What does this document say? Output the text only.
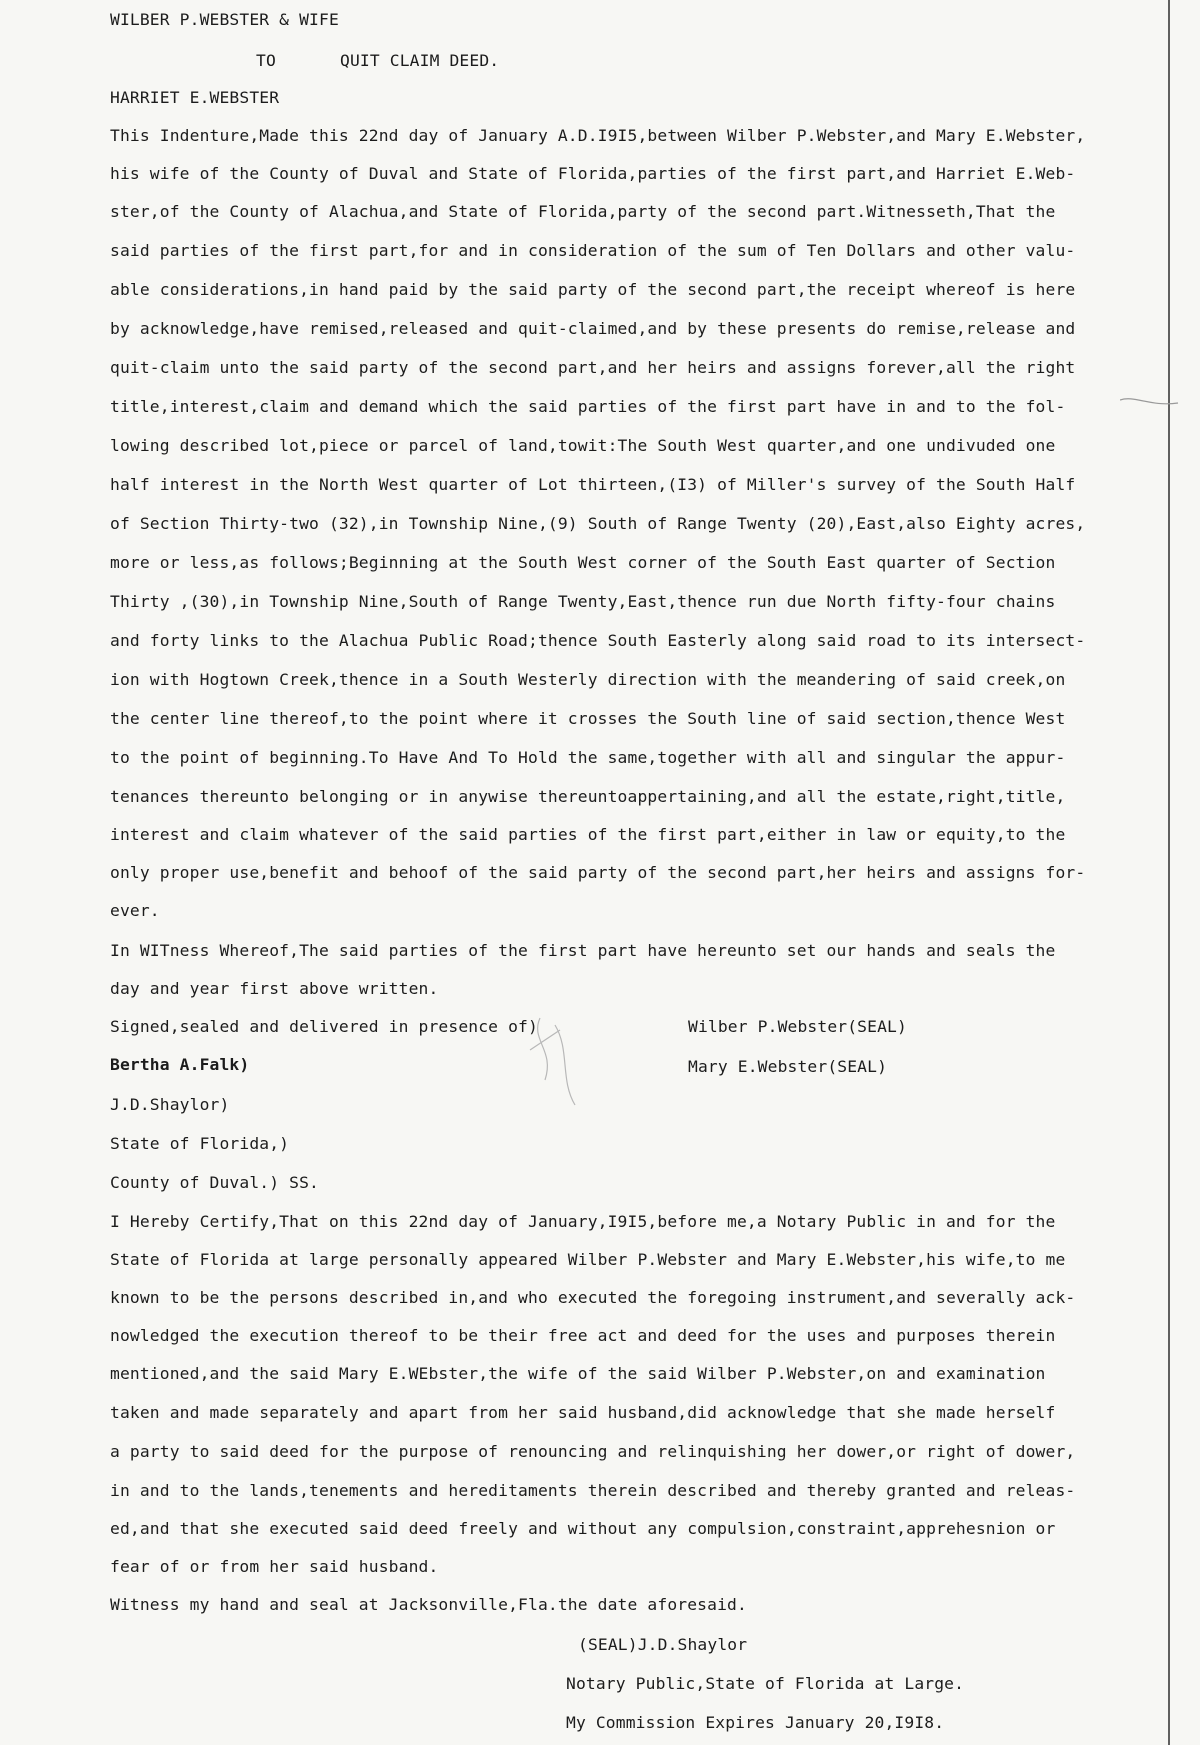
WILBER P.WEBSTER & WIFE
TO	QUIT CLAIM DEED.
HARRIET E.WEBSTER
This Indenture,Made this 22nd day of January A.D.I9I5,between Wilber P.Webster,and Mary E.Webster,
his wife of the County of Duval and State of Florida,parties of the first part,and Harriet E.Web-
ster,of the County of Alachua,and State of Florida,party of the second part.Witnesseth,That the
said parties of the first part,for and in consideration of the sum of Ten Dollars and other valu-
able considerations,in hand paid by the said party of the second part,the receipt whereof is here
by acknowledge,have remised,released and quit-claimed,and by these presents do remise,release and
quit-claim unto the said party of the second part,and her heirs and assigns forever,all the right
title,interest,claim and demand which the said parties of the first part have in and to the fol-
lowing described lot,piece or parcel of land,towit:The South West quarter,and one undivuded one
half interest in the North West quarter of Lot thirteen,(I3) of Miller's survey of the South Half
of Section Thirty-two (32),in Township Nine,(9) South of Range Twenty (20),East,also Eighty acres,
more or less,as follows;Beginning at the South West corner of the South East quarter of Section
Thirty ,(30),in Township Nine,South of Range Twenty,East,thence run due North fifty-four chains
and forty links to the Alachua Public Road;thence South Easterly along said road to its intersect-
ion with Hogtown Creek,thence in a South Westerly direction with the meandering of said creek,on
the center line thereof,to the point where it crosses the South line of said section,thence West
to the point of beginning.To Have And To Hold the same,together with all and singular the appur-
tenances thereunto belonging or in anywise thereuntoappertaining,and all the estate,right,title,
interest and claim whatever of the said parties of the first part,either in law or equity,to the
only proper use,benefit and behoof of the said party of the second part,her heirs and assigns for-
ever.
In WITness Whereof,The said parties of the first part have hereunto set our hands and seals the
day and year first above written.
Signed,sealed and delivered in presence of)	Wilber P.Webster(SEAL)
Bertha A.Falk)	Mary E.Webster(SEAL)
J.D.Shaylor)
State of Florida,)
County of Duval.) SS.
I Hereby Certify,That on this 22nd day of January,I9I5,before me,a Notary Public in and for the
State of Florida at large personally appeared Wilber P.Webster and Mary E.Webster,his wife,to me
known to be the persons described in,and who executed the foregoing instrument,and severally ack-
nowledged the execution thereof to be their free act and deed for the uses and purposes therein
mentioned,and the said Mary E.WEbster,the wife of the said Wilber P.Webster,on and examination
taken and made separately and apart from her said husband,did acknowledge that she made herself
a party to said deed for the purpose of renouncing and relinquishing her dower,or right of dower,
in and to the lands,tenements and hereditaments therein described and thereby granted and releas-
ed,and that she executed said deed freely and without any compulsion,constraint,apprehesnion or
fear of or from her said husband.
Witness my hand and seal at Jacksonville,Fla.the date aforesaid.
(SEAL)J.D.Shaylor
Notary Public,State of Florida at Large.
My Commission Expires January 20,I9I8.
